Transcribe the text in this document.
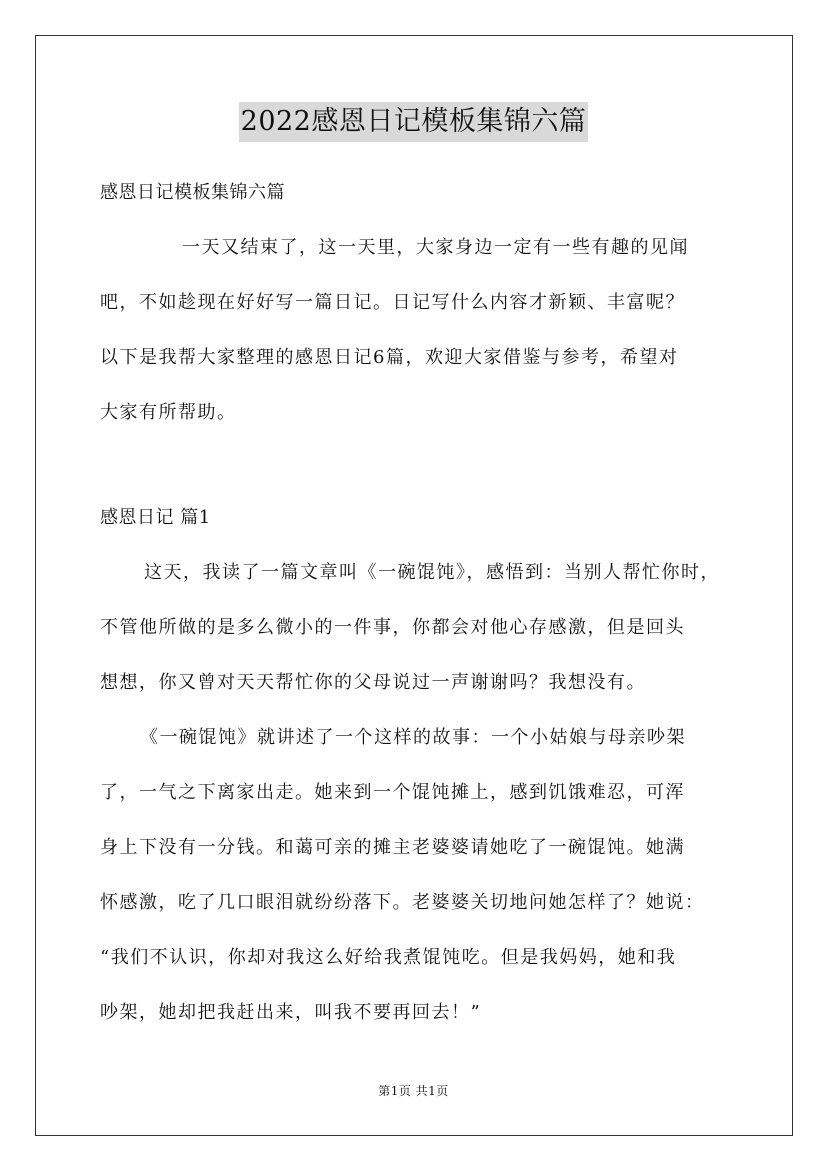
2022感恩日记模板集锦六篇
感恩日记模板集锦六篇
一天又结束了，这一天里，大家身边一定有一些有趣的见闻
吧，不如趁现在好好写一篇日记。日记写什么内容才新颖、丰富呢？
以下是我帮大家整理的感恩日记6篇，欢迎大家借鉴与参考，希望对
大家有所帮助。
感恩日记 篇1
这天，我读了一篇文章叫《一碗馄饨》，感悟到：当别人帮忙你时，
不管他所做的是多么微小的一件事，你都会对他心存感激，但是回头
想想，你又曾对天天帮忙你的父母说过一声谢谢吗？我想没有。
《一碗馄饨》就讲述了一个这样的故事：一个小姑娘与母亲吵架
了，一气之下离家出走。她来到一个馄饨摊上，感到饥饿难忍，可浑
身上下没有一分钱。和蔼可亲的摊主老婆婆请她吃了一碗馄饨。她满
怀感激，吃了几口眼泪就纷纷落下。老婆婆关切地问她怎样了？她说：
“我们不认识，你却对我这么好给我煮馄饨吃。但是我妈妈，她和我
吵架，她却把我赶出来，叫我不要再回去！”
第1页 共1页
